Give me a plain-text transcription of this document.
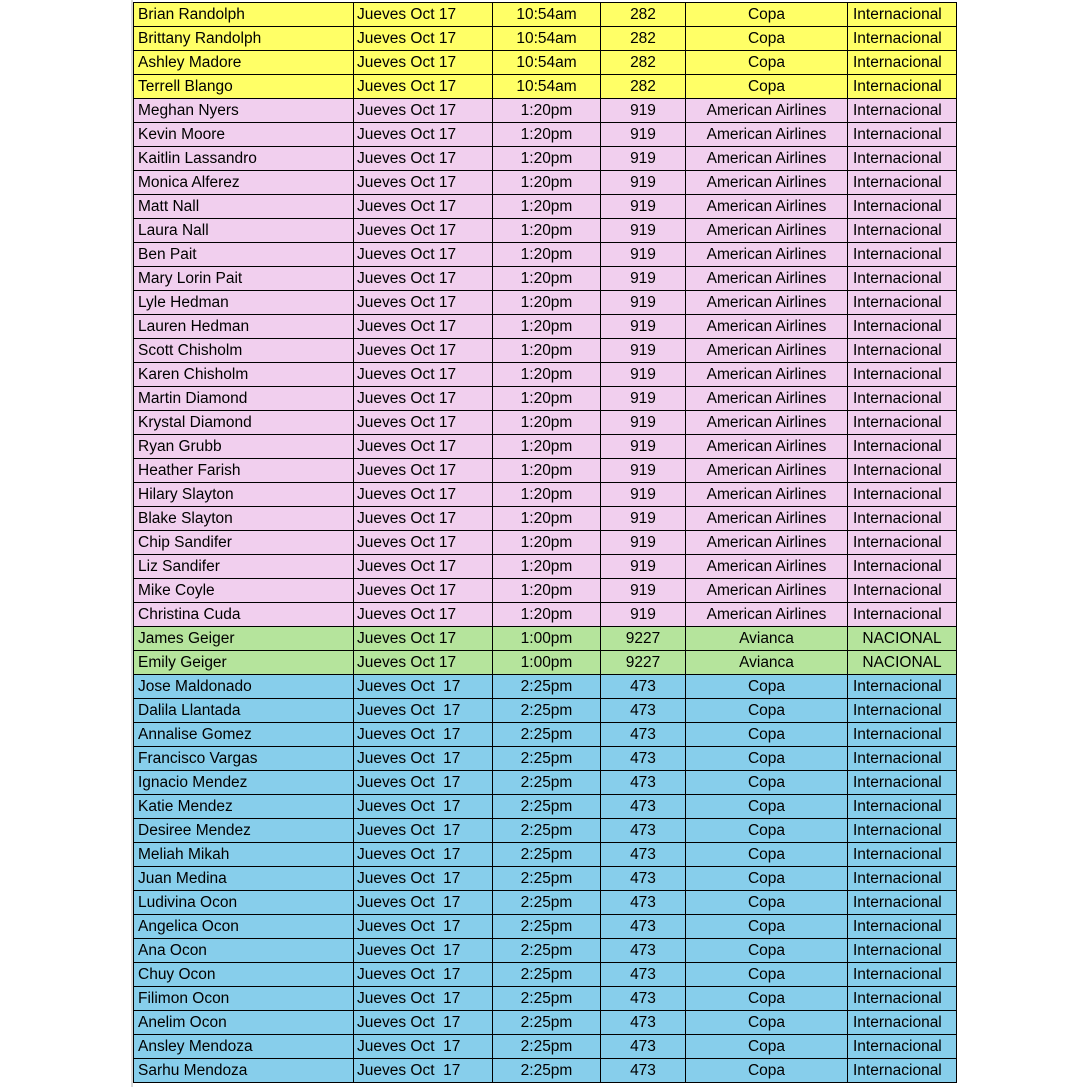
Brian Randolph	Jueves Oct 17	10:54am	282	Copa	Internacional
Brittany Randolph	Jueves Oct 17	10:54am	282	Copa	Internacional
Ashley Madore	Jueves Oct 17	10:54am	282	Copa	Internacional
Terrell Blango	Jueves Oct 17	10:54am	282	Copa	Internacional
Meghan Nyers	Jueves Oct 17	1:20pm	919	American Airlines	Internacional
Kevin Moore	Jueves Oct 17	1:20pm	919	American Airlines	Internacional
Kaitlin Lassandro	Jueves Oct 17	1:20pm	919	American Airlines	Internacional
Monica Alferez	Jueves Oct 17	1:20pm	919	American Airlines	Internacional
Matt Nall	Jueves Oct 17	1:20pm	919	American Airlines	Internacional
Laura Nall	Jueves Oct 17	1:20pm	919	American Airlines	Internacional
Ben Pait	Jueves Oct 17	1:20pm	919	American Airlines	Internacional
Mary Lorin Pait	Jueves Oct 17	1:20pm	919	American Airlines	Internacional
Lyle Hedman	Jueves Oct 17	1:20pm	919	American Airlines	Internacional
Lauren Hedman	Jueves Oct 17	1:20pm	919	American Airlines	Internacional
Scott Chisholm	Jueves Oct 17	1:20pm	919	American Airlines	Internacional
Karen Chisholm	Jueves Oct 17	1:20pm	919	American Airlines	Internacional
Martin Diamond	Jueves Oct 17	1:20pm	919	American Airlines	Internacional
Krystal Diamond	Jueves Oct 17	1:20pm	919	American Airlines	Internacional
Ryan Grubb	Jueves Oct 17	1:20pm	919	American Airlines	Internacional
Heather Farish	Jueves Oct 17	1:20pm	919	American Airlines	Internacional
Hilary Slayton	Jueves Oct 17	1:20pm	919	American Airlines	Internacional
Blake Slayton	Jueves Oct 17	1:20pm	919	American Airlines	Internacional
Chip Sandifer	Jueves Oct 17	1:20pm	919	American Airlines	Internacional
Liz Sandifer	Jueves Oct 17	1:20pm	919	American Airlines	Internacional
Mike Coyle	Jueves Oct 17	1:20pm	919	American Airlines	Internacional
Christina Cuda	Jueves Oct 17	1:20pm	919	American Airlines	Internacional
James Geiger	Jueves Oct 17	1:00pm	9227	Avianca	NACIONAL
Emily Geiger	Jueves Oct 17	1:00pm	9227	Avianca	NACIONAL
Jose Maldonado	Jueves Oct  17	2:25pm	473	Copa	Internacional
Dalila Llantada	Jueves Oct  17	2:25pm	473	Copa	Internacional
Annalise Gomez	Jueves Oct  17	2:25pm	473	Copa	Internacional
Francisco Vargas	Jueves Oct  17	2:25pm	473	Copa	Internacional
Ignacio Mendez	Jueves Oct  17	2:25pm	473	Copa	Internacional
Katie Mendez	Jueves Oct  17	2:25pm	473	Copa	Internacional
Desiree Mendez	Jueves Oct  17	2:25pm	473	Copa	Internacional
Meliah Mikah	Jueves Oct  17	2:25pm	473	Copa	Internacional
Juan Medina	Jueves Oct  17	2:25pm	473	Copa	Internacional
Ludivina Ocon	Jueves Oct  17	2:25pm	473	Copa	Internacional
Angelica Ocon	Jueves Oct  17	2:25pm	473	Copa	Internacional
Ana Ocon	Jueves Oct  17	2:25pm	473	Copa	Internacional
Chuy Ocon	Jueves Oct  17	2:25pm	473	Copa	Internacional
Filimon Ocon	Jueves Oct  17	2:25pm	473	Copa	Internacional
Anelim Ocon	Jueves Oct  17	2:25pm	473	Copa	Internacional
Ansley Mendoza	Jueves Oct  17	2:25pm	473	Copa	Internacional
Sarhu Mendoza	Jueves Oct  17	2:25pm	473	Copa	Internacional
